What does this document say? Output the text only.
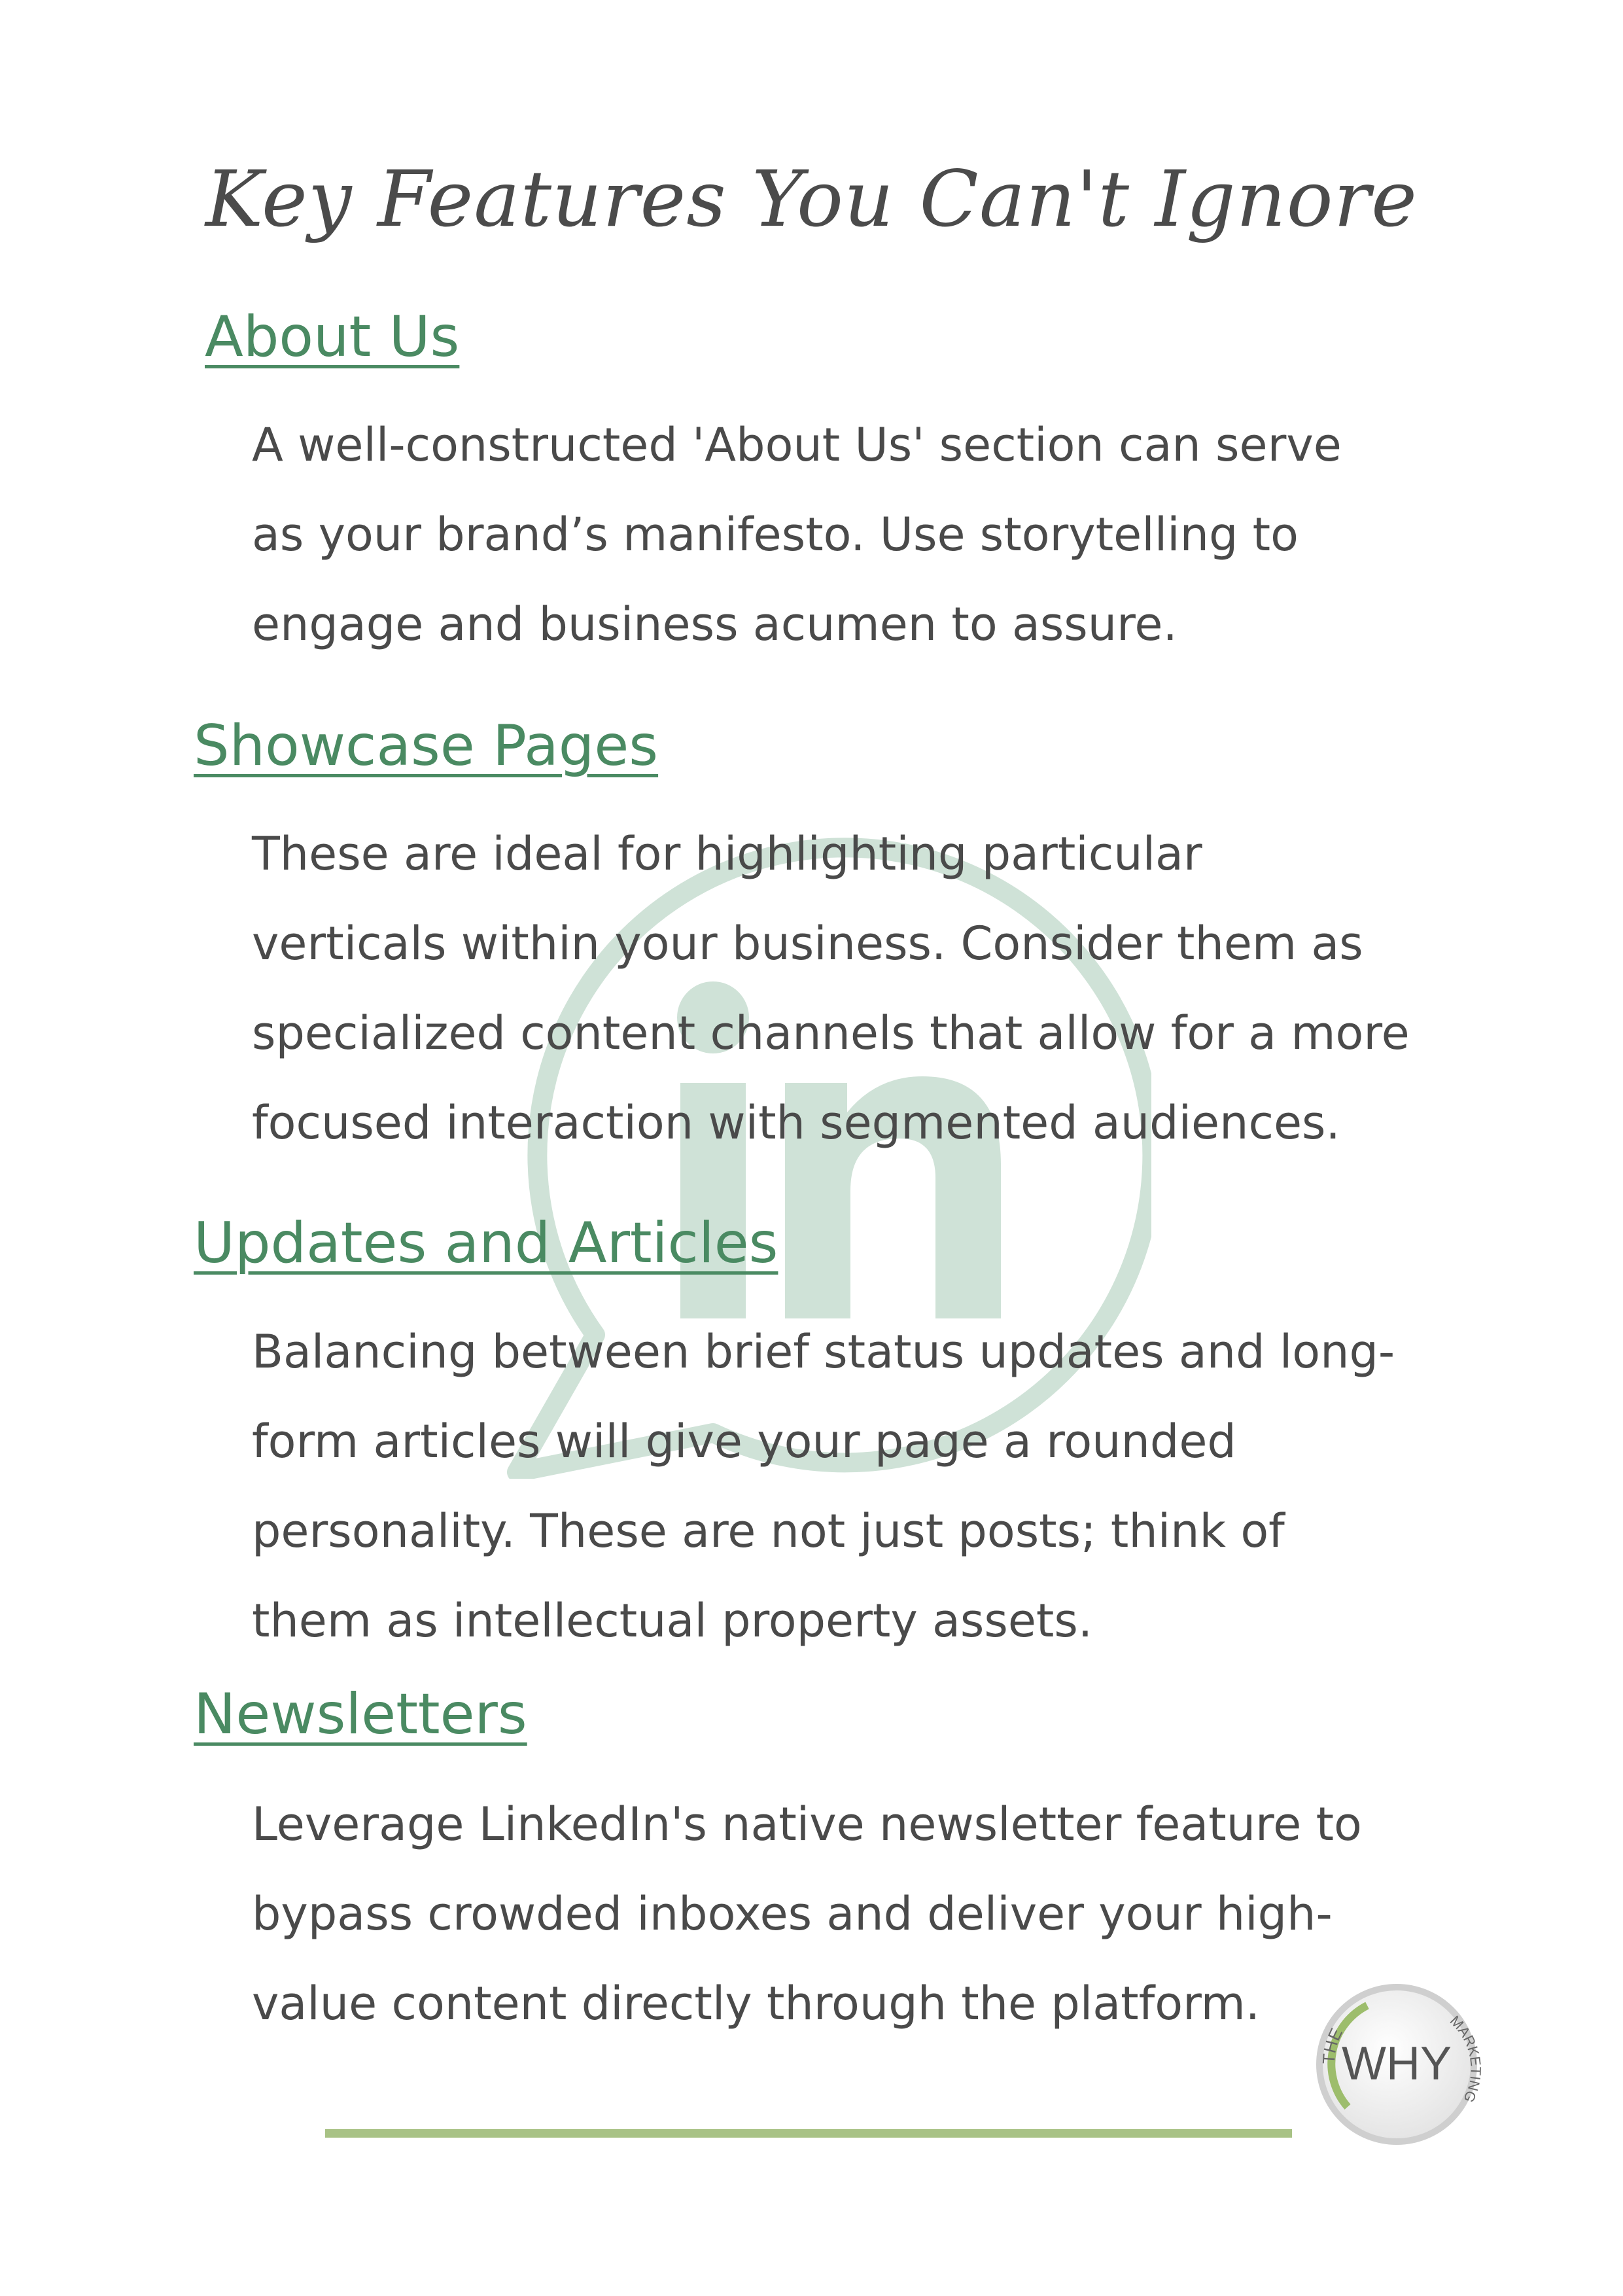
Key Features You Can't Ignore
About Us

A well-constructed 'About Us' section can serve
as your brand’s manifesto. Use storytelling to
engage and business acumen to assure.

Showcase Pages

These are ideal for highlighting particular
verticals within your business. Consider them as
specialized content channels that allow for a more
focused interaction with segmented audiences.

Updates and Articles

Balancing between brief status updates and long-
form articles will give your page a rounded
personality. These are not just posts; think of
them as intellectual property assets.

Newsletters

Leverage LinkedIn's native newsletter feature to
bypass crowded inboxes and deliver your high-
value content directly through the platform.

WHY
THE
MARKETING
